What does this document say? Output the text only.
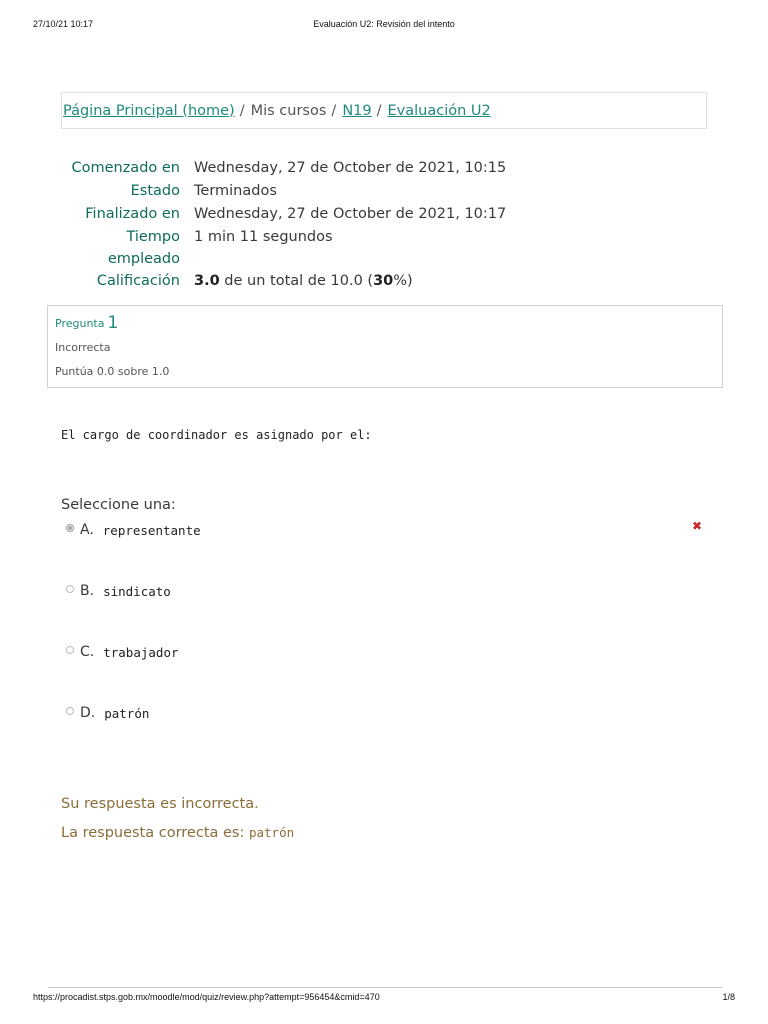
27/10/21 10:17	Evaluación U2: Revisión del intento
Página Principal (home) / Mis cursos / N19 / Evaluación U2
Comenzado en Wednesday, 27 de October de 2021, 10:15
Estado Terminados
Finalizado en Wednesday, 27 de October de 2021, 10:17
Tiempo
empleado
1 min 11 segundos
Calificación 3.0 de un total de 10.0 (30%)
Pregunta 1
Incorrecta
Puntúa 0.0 sobre 1.0
El cargo de coordinador es asignado por el:
Seleccione una:
A. representante	✖
B. sindicato
C. trabajador
D. patrón
Su respuesta es incorrecta.
La respuesta correcta es: patrón
https://procadist.stps.gob.mx/moodle/mod/quiz/review.php?attempt=956454&cmid=470	1/8
